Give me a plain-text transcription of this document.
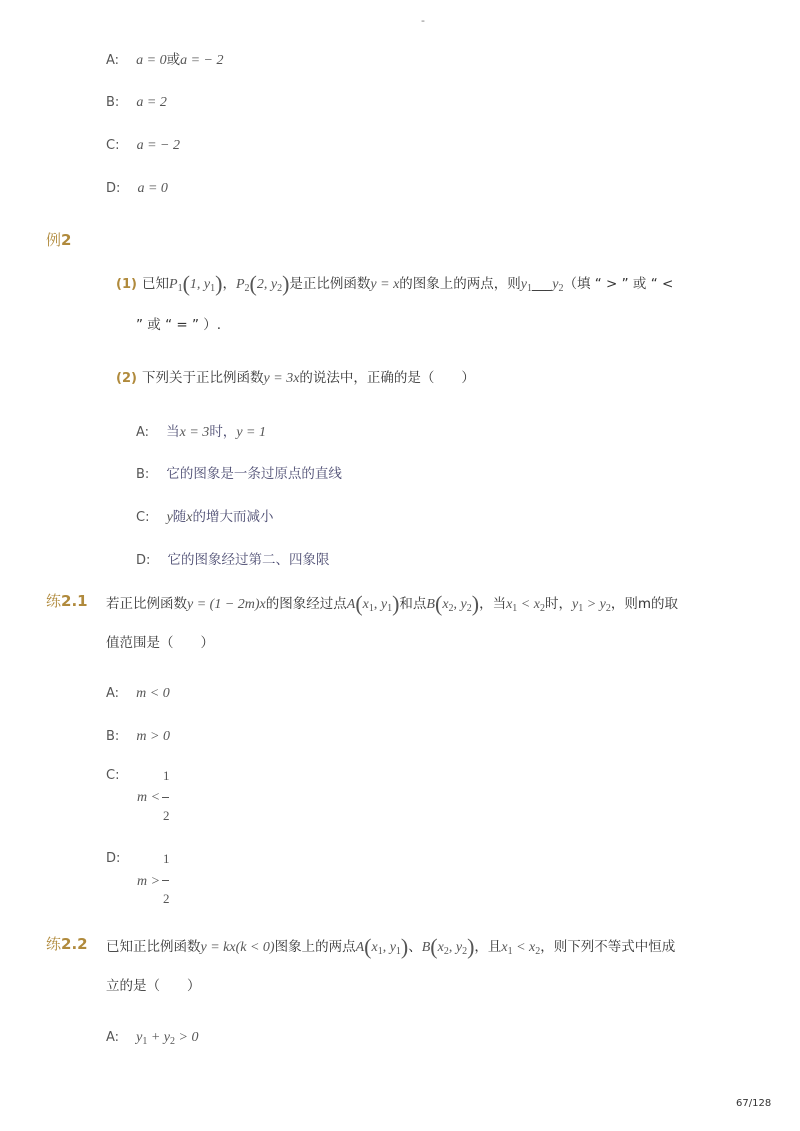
-
A: a = 0或a = − 2
B: a = 2
C: a = − 2
D: a = 0
例2
(1) 已知$P_1(1$, $y_1$)，$P_2(2$, $y_2$)是正比例函数y = x的图象上的两点，则$y_1\_\_\_y_2$（填 “ > ” 或 “ <
” 或 “ = ” ）.
(2) 下列关于正比例函数y = 3x的说法中，正确的是（　　）
A: 当x = 3时，y = 1
B: 它的图象是一条过原点的直线
C: y随x的增大而减小
D: 它的图象经过第二、四象限
练2.1 若正比例函数y = (1 − 2m)x的图象经过点$A(x_1$, $y_1$)和点$B(x_2$, $y_2$)，当$x_1 < x_2$时，$y_1 > y_2$，则m的取
值范围是（　　）
A: m < 0
B: m > 0
C:
m <
1
2
D:
m >
1
2
练2.2 已知正比例函数y = kx(k < 0)图象上的两点$A(x_1$, $y_1$)、$B(x_2$, $y_2$)，且$x_1 < x_2$，则下列不等式中恒成
立的是（　　）
A: $y_1 + y_2 > 0$
67/128
